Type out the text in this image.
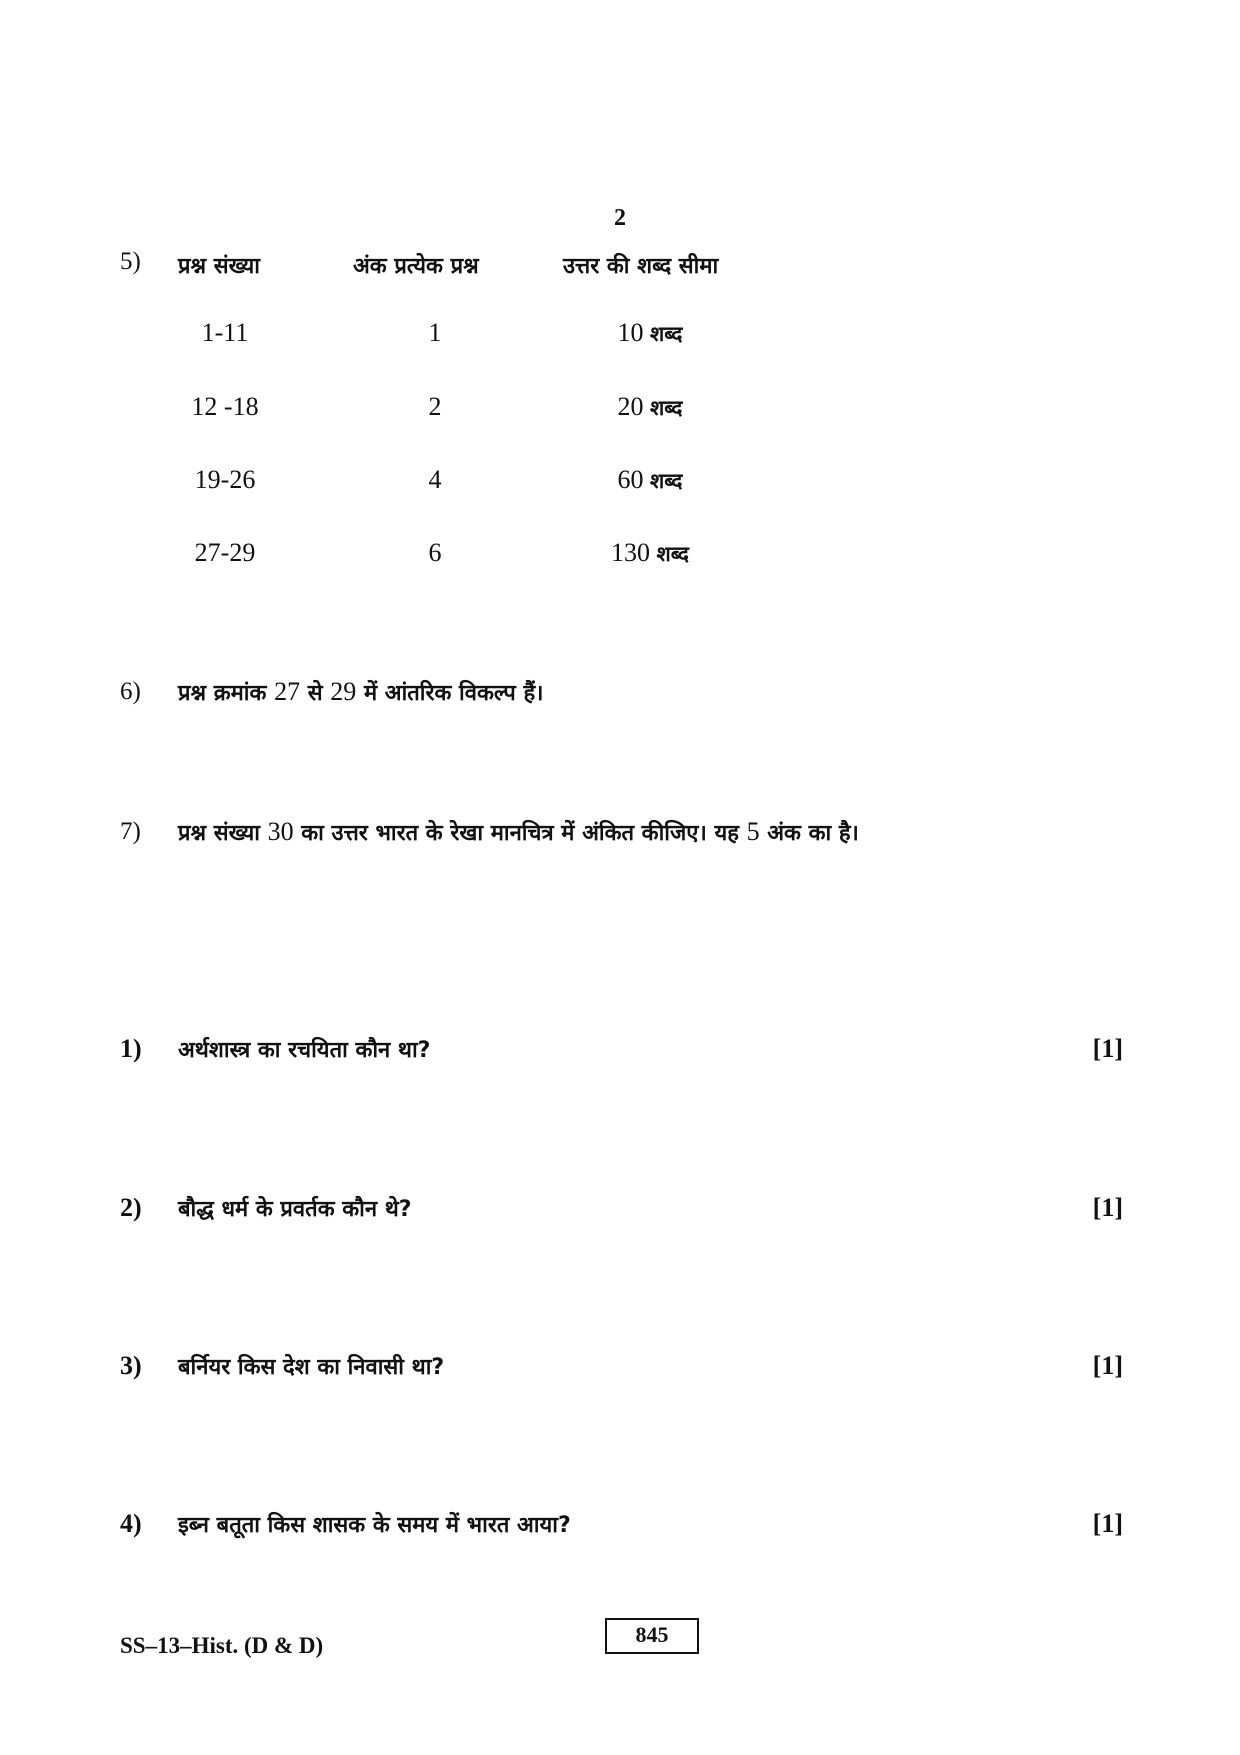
2
5) प्रश्न संख्या	अंक प्रत्येक प्रश्न	उत्तर की शब्द सीमा
1-11	1	10 शब्द
12 -18	2	20 शब्द
19-26	4	60 शब्द
27-29	6	130 शब्द
6) प्रश्न क्रमांक 27 से 29 में आंतरिक विकल्प हैं।
7) प्रश्न संख्या 30 का उत्तर भारत के रेखा मानचित्र में अंकित कीजिए। यह 5 अंक का है।
1) अर्थशास्त्र का रचयिता कौन था?	[1]
2) बौद्ध धर्म के प्रवर्तक कौन थे?	[1]
3) बर्नियर किस देश का निवासी था?	[1]
4) इब्न बतूता किस शासक के समय में भारत आया?	[1]
SS–13–Hist. (D & D)	845
